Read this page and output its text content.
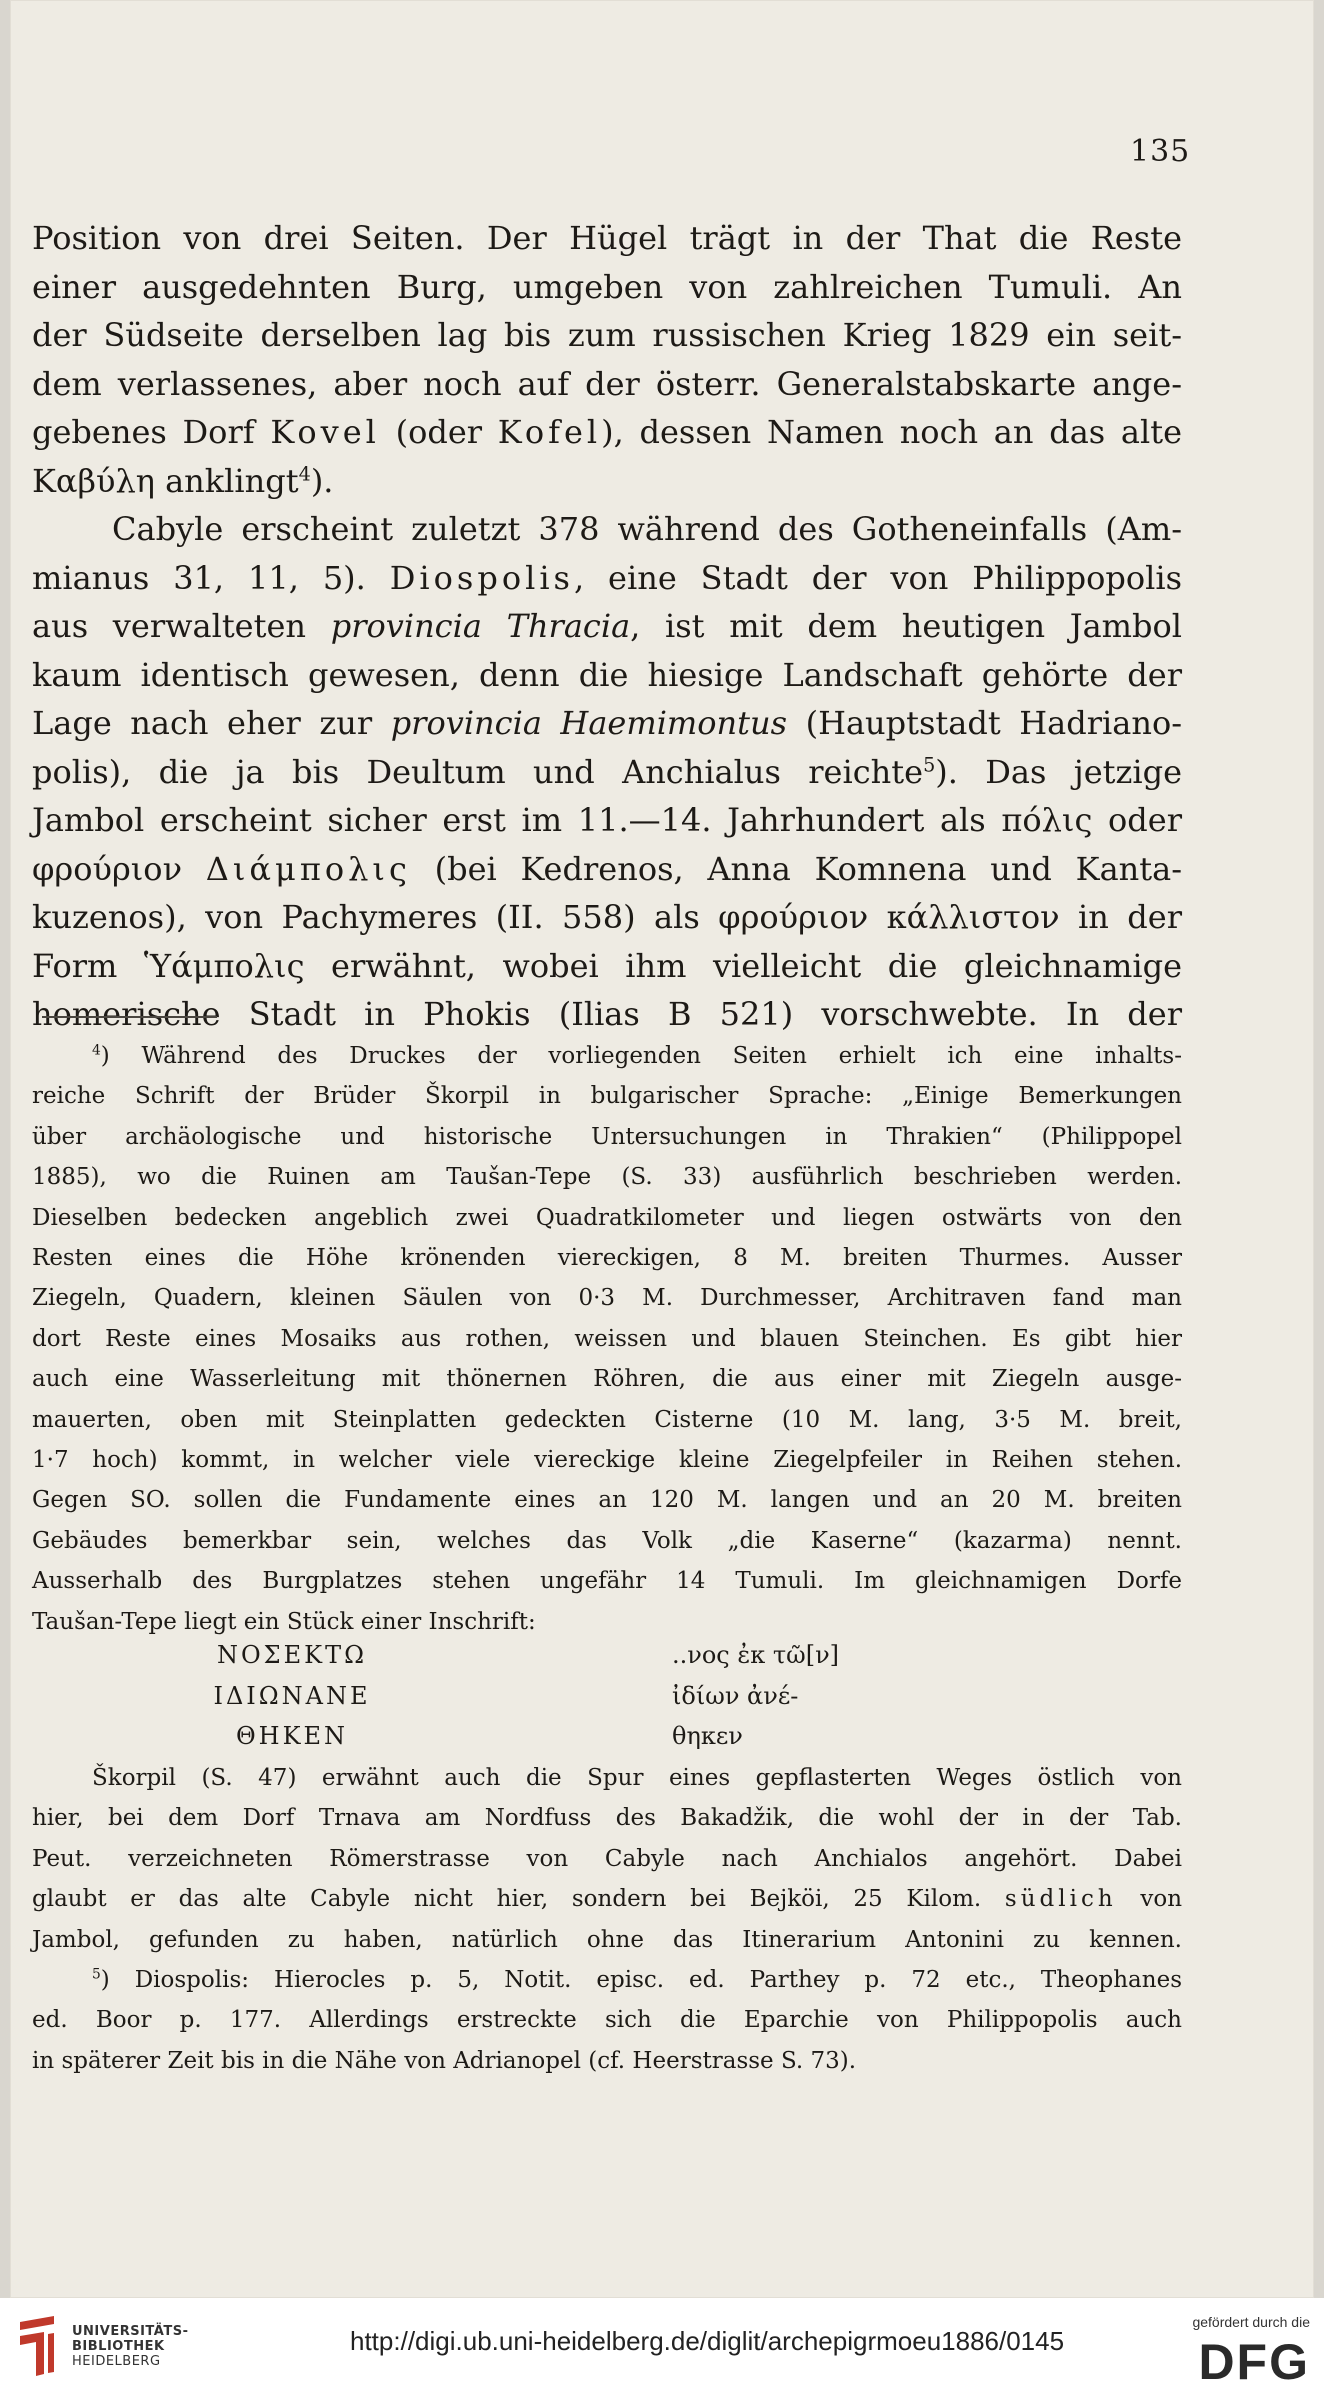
135
Position von drei Seiten. Der Hügel trägt in der That die Reste
einer ausgedehnten Burg, umgeben von zahlreichen Tumuli. An
der Südseite derselben lag bis zum russischen Krieg 1829 ein seit-
dem verlassenes, aber noch auf der österr. Generalstabskarte ange-
gebenes Dorf Kovel (oder Kofel), dessen Namen noch an das alte
Καβύλη anklingt$^4$).
Cabyle erscheint zuletzt 378 während des Gotheneinfalls (Am-
mianus 31, 11, 5). Diospolis, eine Stadt der von Philippopolis
aus verwalteten provincia Thracia, ist mit dem heutigen Jambol
kaum identisch gewesen, denn die hiesige Landschaft gehörte der
Lage nach eher zur provincia Haemimontus (Hauptstadt Hadriano-
polis), die ja bis Deultum und Anchialus reichte$^5$). Das jetzige
Jambol erscheint sicher erst im 11.—14. Jahrhundert als πόλις oder
φρούριον Διάμπολις (bei Kedrenos, Anna Komnena und Kanta-
kuzenos), von Pachymeres (II. 558) als φρούριον κάλλιστον in der
Form Ὑάμπολις erwähnt, wobei ihm vielleicht die gleichnamige
homerische Stadt in Phokis (Ilias B 521) vorschwebte. In der
$^4$) Während des Druckes der vorliegenden Seiten erhielt ich eine inhalts-
reiche Schrift der Brüder Škorpil in bulgarischer Sprache: „Einige Bemerkungen
über archäologische und historische Untersuchungen in Thrakien“ (Philippopel
1885), wo die Ruinen am Taušan-Tepe (S. 33) ausführlich beschrieben werden.
Dieselben bedecken angeblich zwei Quadratkilometer und liegen ostwärts von den
Resten eines die Höhe krönenden viereckigen, 8 M. breiten Thurmes. Ausser
Ziegeln, Quadern, kleinen Säulen von 0·3 M. Durchmesser, Architraven fand man
dort Reste eines Mosaiks aus rothen, weissen und blauen Steinchen. Es gibt hier
auch eine Wasserleitung mit thönernen Röhren, die aus einer mit Ziegeln ausge-
mauerten, oben mit Steinplatten gedeckten Cisterne (10 M. lang, 3·5 M. breit,
1·7 hoch) kommt, in welcher viele viereckige kleine Ziegelpfeiler in Reihen stehen.
Gegen SO. sollen die Fundamente eines an 120 M. langen und an 20 M. breiten
Gebäudes bemerkbar sein, welches das Volk „die Kaserne“ (kazarma) nennt.
Ausserhalb des Burgplatzes stehen ungefähr 14 Tumuli. Im gleichnamigen Dorfe
Taušan-Tepe liegt ein Stück einer Inschrift:
ΝΟΣΕΚΤΩ	..νος ἐκ τῶ[ν]
ΙΔΙΩΝΑΝΕ	ἰδίων ἀνέ-
ΘΗΚΕΝ	θηκεν
Škorpil (S. 47) erwähnt auch die Spur eines gepflasterten Weges östlich von
hier, bei dem Dorf Trnava am Nordfuss des Bakadžik, die wohl der in der Tab.
Peut. verzeichneten Römerstrasse von Cabyle nach Anchialos angehört. Dabei
glaubt er das alte Cabyle nicht hier, sondern bei Bejköi, 25 Kilom. südlich von
Jambol, gefunden zu haben, natürlich ohne das Itinerarium Antonini zu kennen.
$^5$) Diospolis: Hierocles p. 5, Notit. episc. ed. Parthey p. 72 etc., Theophanes
ed. Boor p. 177. Allerdings erstreckte sich die Eparchie von Philippopolis auch
in späterer Zeit bis in die Nähe von Adrianopel (cf. Heerstrasse S. 73).
UNIVERSITÄTS-
BIBLIOTHEK
HEIDELBERG
http://digi.ub.uni-heidelberg.de/diglit/archepigrmoeu1886/0145
gefördert durch die
DFG
